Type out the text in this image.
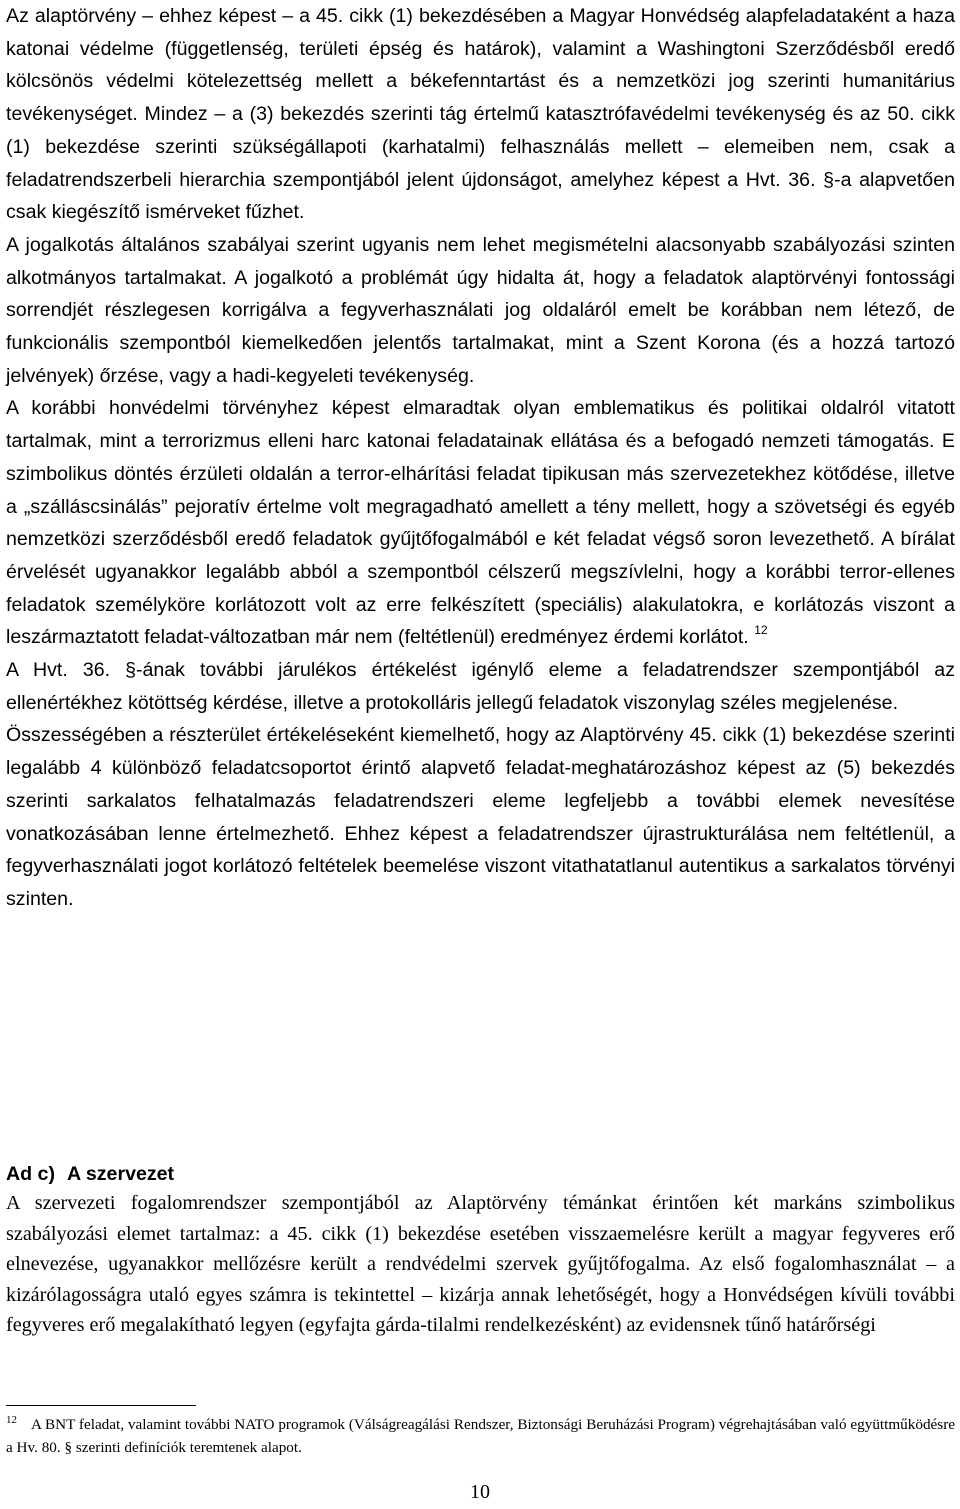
Az alaptörvény – ehhez képest – a 45. cikk (1) bekezdésében a Magyar Honvédség alapfeladataként a haza katonai védelme (függetlenség, területi épség és határok), valamint a Washingtoni Szerződésből eredő kölcsönös védelmi kötelezettség mellett a békefenntartást és a nemzetközi jog szerinti humanitárius tevékenységet. Mindez – a (3) bekezdés szerinti tág értelmű katasztrófavédelmi tevékenység és az 50. cikk (1) bekezdése szerinti szükségállapoti (karhatalmi) felhasználás mellett – elemeiben nem, csak a feladatrendszerbeli hierarchia szempontjából jelent újdonságot, amelyhez képest a Hvt. 36. §-a alapvetően csak kiegészítő ismérveket fűzhet.

A jogalkotás általános szabályai szerint ugyanis nem lehet megismételni alacsonyabb szabályozási szinten alkotmányos tartalmakat. A jogalkotó a problémát úgy hidalta át, hogy a feladatok alaptörvényi fontossági sorrendjét részlegesen korrigálva a fegyverhasználati jog oldaláról emelt be korábban nem létező, de funkcionális szempontból kiemelkedően jelentős tartalmakat, mint a Szent Korona (és a hozzá tartozó jelvények) őrzése, vagy a hadi-kegyeleti tevékenység.

A korábbi honvédelmi törvényhez képest elmaradtak olyan emblematikus és politikai oldalról vitatott tartalmak, mint a terrorizmus elleni harc katonai feladatainak ellátása és a befogadó nemzeti támogatás. E szimbolikus döntés érzületi oldalán a terror-elhárítási feladat tipikusan más szervezetekhez kötődése, illetve a „szálláscsinálás” pejoratív értelme volt megragadható amellett a tény mellett, hogy a szövetségi és egyéb nemzetközi szerződésből eredő feladatok gyűjtőfogalmából e két feladat végső soron levezethető. A bírálat érvelését ugyanakkor legalább abból a szempontból célszerű megszívlelni, hogy a korábbi terror-ellenes feladatok személyköre korlátozott volt az erre felkészített (speciális) alakulatokra, e korlátozás viszont a leszármaztatott feladat-változatban már nem (feltétlenül) eredményez érdemi korlátot. $^{12}$

A Hvt. 36. §-ának további járulékos értékelést igénylő eleme a feladatrendszer szempontjából az ellenértékhez kötöttség kérdése, illetve a protokolláris jellegű feladatok viszonylag széles megjelenése.

Összességében a részterület értékeléseként kiemelhető, hogy az Alaptörvény 45. cikk (1) bekezdése szerinti legalább 4 különböző feladatcsoportot érintő alapvető feladat-meghatározáshoz képest az (5) bekezdés szerinti sarkalatos felhatalmazás feladatrendszeri eleme legfeljebb a további elemek nevesítése vonatkozásában lenne értelmezhető. Ehhez képest a feladatrendszer újrastrukturálása nem feltétlenül, a fegyverhasználati jogot korlátozó feltételek beemelése viszont vitathatatlanul autentikus a sarkalatos törvényi szinten.

Ad c) A szervezet

A szervezeti fogalomrendszer szempontjából az Alaptörvény témánkat érintően két markáns szimbolikus szabályozási elemet tartalmaz: a 45. cikk (1) bekezdése esetében visszaemelésre került a magyar fegyveres erő elnevezése, ugyanakkor mellőzésre került a rendvédelmi szervek gyűjtőfogalma. Az első fogalomhasználat – a kizárólagosságra utaló egyes számra is tekintettel – kizárja annak lehetőségét, hogy a Honvédségen kívüli további fegyveres erő megalakítható legyen (egyfajta gárda-tilalmi rendelkezésként) az evidensnek tűnő határőrségi

$^{12}$ A BNT feladat, valamint további NATO programok (Válságreagálási Rendszer, Biztonsági Beruházási Program) végrehajtásában való együttműködésre a Hv. 80. § szerinti definíciók teremtenek alapot.
10
